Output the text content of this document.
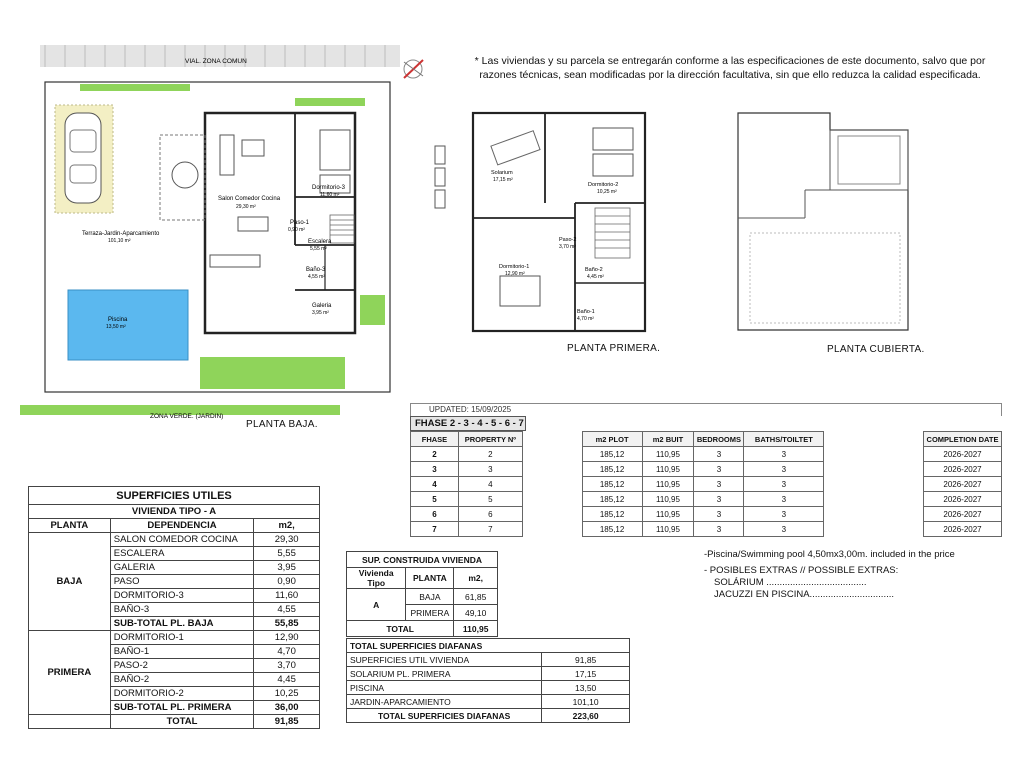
* Las viviendas y su parcela se entregarán conforme a las especificaciones de este documento, salvo que por razones técnicas, sean modificadas por la dirección facultativa, sin que ello reduzca la calidad especificada.
VIAL. ZONA COMUN
Salon Comedor Cocina
29,30 m²
Dormitorio-3
11,60 m²
Paso-1
0,90 m²
Escalera
5,55 m²
Baño-3
4,55 m²
Galeria
3,95 m²
Terraza-Jardin-Aparcamiento
101,10 m²
Piscina
13,50 m²
ZONA VERDE. (JARDIN)
PLANTA BAJA.
Solarium
17,15 m²
Dormitorio-2
10,25 m²
Paso-2
3,70 m²
Dormitorio-1
12,90 m²
Baño-2
4,45 m²
Baño-1
4,70 m²
PLANTA PRIMERA.	PLANTA CUBIERTA.
UPDATED: 15/09/2025
FHASE 2 - 3 - 4 - 5 - 6 - 7
FHASE	PROPERTY Nº		m2 PLOT	m2 BUIT	BEDROOMS	BATHS/TOILTET		COMPLETION DATE
2	2		185,12	110,95	3	3		2026-2027
3	3		185,12	110,95	3	3		2026-2027
4	4		185,12	110,95	3	3		2026-2027
5	5		185,12	110,95	3	3		2026-2027
6	6		185,12	110,95	3	3		2026-2027
7	7		185,12	110,95	3	3		2026-2027
SUPERFICIES UTILES		
VIVIENDA TIPO - A		
PLANTA	DEPENDENCIA	m2,
BAJA	SALON COMEDOR COCINA	29,30
	ESCALERA	5,55
	GALERIA	3,95
	PASO	0,90
	DORMITORIO-3	11,60
	BAÑO-3	4,55
	SUB-TOTAL PL. BAJA	55,85
PRIMERA	DORMITORIO-1	12,90
	BAÑO-1	4,70
	PASO-2	3,70
	BAÑO-2	4,45
	DORMITORIO-2	10,25
	SUB-TOTAL PL. PRIMERA	36,00
	TOTAL	91,85
SUP. CONSTRUIDA VIVIENDA		
Vivienda Tipo	PLANTA	m2,
A	BAJA	61,85
	PRIMERA	49,10
TOTAL		110,95
TOTAL SUPERFICIES DIAFANAS	
SUPERFICIES UTIL VIVIENDA	91,85
SOLARIUM PL. PRIMERA	17,15
PISCINA	13,50
JARDIN-APARCAMIENTO	101,10
TOTAL SUPERFICIES DIAFANAS	223,60
-Piscina/Swimming pool 4,50mx3,00m. included in the price
- POSIBLES EXTRAS // POSSIBLE EXTRAS:
SOLÁRIUM ......................................
JACUZZI EN PISCINA................................
